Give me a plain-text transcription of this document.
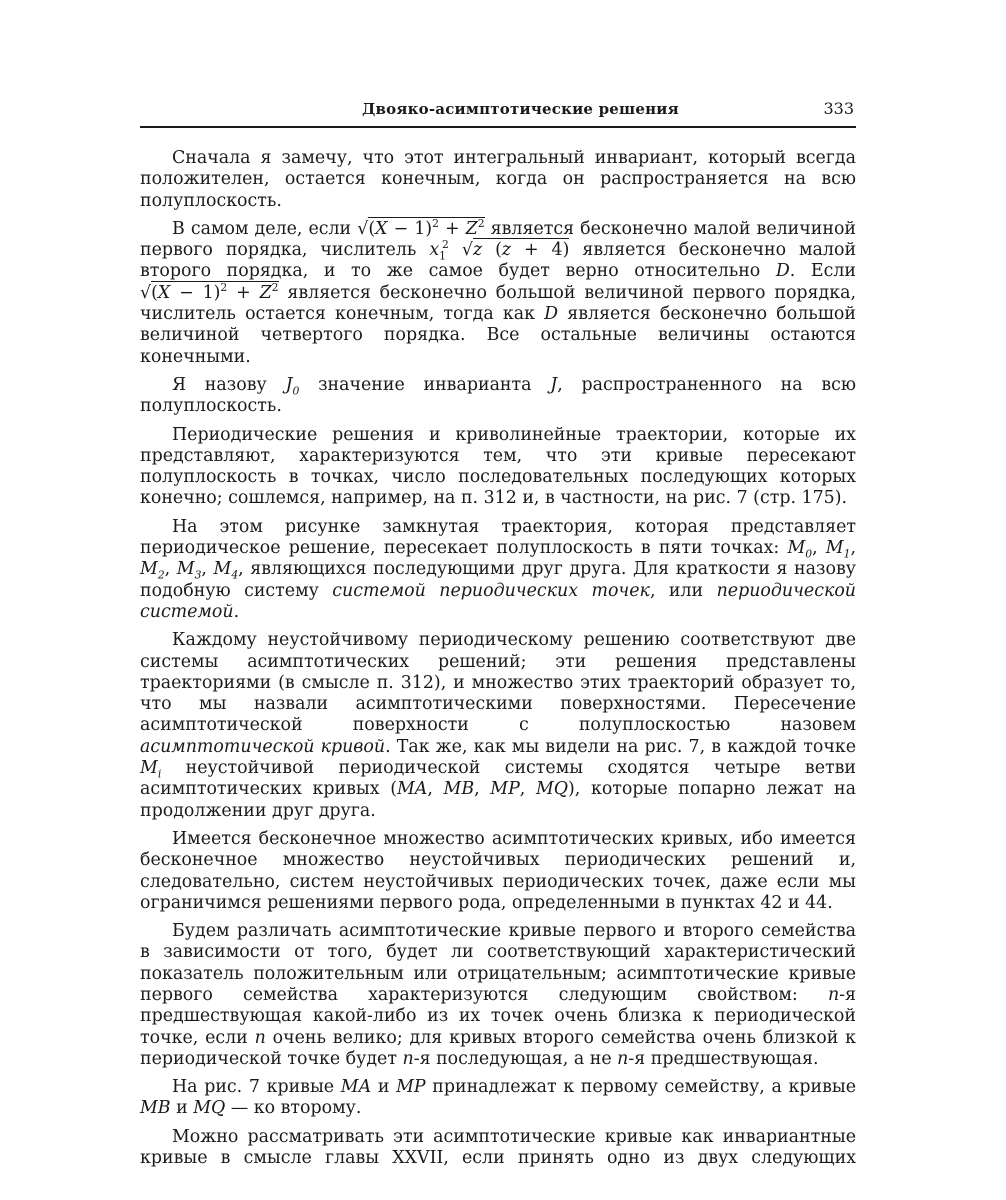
Двояко-асимптотические решения	333

Сначала я замечу, что этот интегральный инвариант, который всегда положителен, остается конечным, когда он распространяется на всю полуплоскость.

В самом деле, если $√(X - 1)^2 + Z^2$ является бесконечно малой величиной первого порядка, числитель $x_1^2$ √z (z + 4) является бесконечно малой второго порядка, и то же самое будет верно относительно D. Если $√(X - 1)^2 + Z^2$ является бесконечно большой величиной первого порядка, числитель остается конечным, тогда как D является бесконечно большой величиной четвертого порядка. Все остальные величины остаются конечными.

Я назову $J_0$ значение инварианта J, распространенного на всю полуплоскость.

Периодические решения и криволинейные траектории, которые их представляют, характеризуются тем, что эти кривые пересекают полуплоскость в точках, число последовательных последующих которых конечно; сошлемся, например, на п. 312 и, в частности, на рис. 7 (стр. 175).

На этом рисунке замкнутая траектория, которая представляет периодическое решение, пересекает полуплоскость в пяти точках: $M_0$, $M_1$, $M_2$, $M_3$, $M_4$, являющихся последующими друг друга. Для краткости я назову подобную систему системой периодических точек, или периодической системой.

Каждому неустойчивому периодическому решению соответствуют две системы асимптотических решений; эти решения представлены траекториями (в смысле п. 312), и множество этих траекторий образует то, что мы назвали асимптотическими поверхностями. Пересечение асимптотической поверхности с полуплоскостью назовем асимптотической кривой. Так же, как мы видели на рис. 7, в каждой точке $M_i$ неустойчивой периодической системы сходятся четыре ветви асимптотических кривых (MA, MB, MP, MQ), которые попарно лежат на продолжении друг друга.

Имеется бесконечное множество асимптотических кривых, ибо имеется бесконечное множество неустойчивых периодических решений и, следовательно, систем неустойчивых периодических точек, даже если мы ограничимся решениями первого рода, определенными в пунктах 42 и 44.

Будем различать асимптотические кривые первого и второго семейства в зависимости от того, будет ли соответствующий характеристический показатель положительным или отрицательным; асимптотические кривые первого семейства характеризуются следующим свойством: n-я предшествующая какой-либо из их точек очень близка к периодической точке, если n очень велико; для кривых второго семейства очень близкой к периодической точке будет n-я последующая, а не n-я предшествующая.

На рис. 7 кривые MA и MP принадлежат к первому семейству, а кривые MB и MQ — ко второму.

Можно рассматривать эти асимптотические кривые как инвариантные кривые в смысле главы XXVII, если принять одно из двух следующих
